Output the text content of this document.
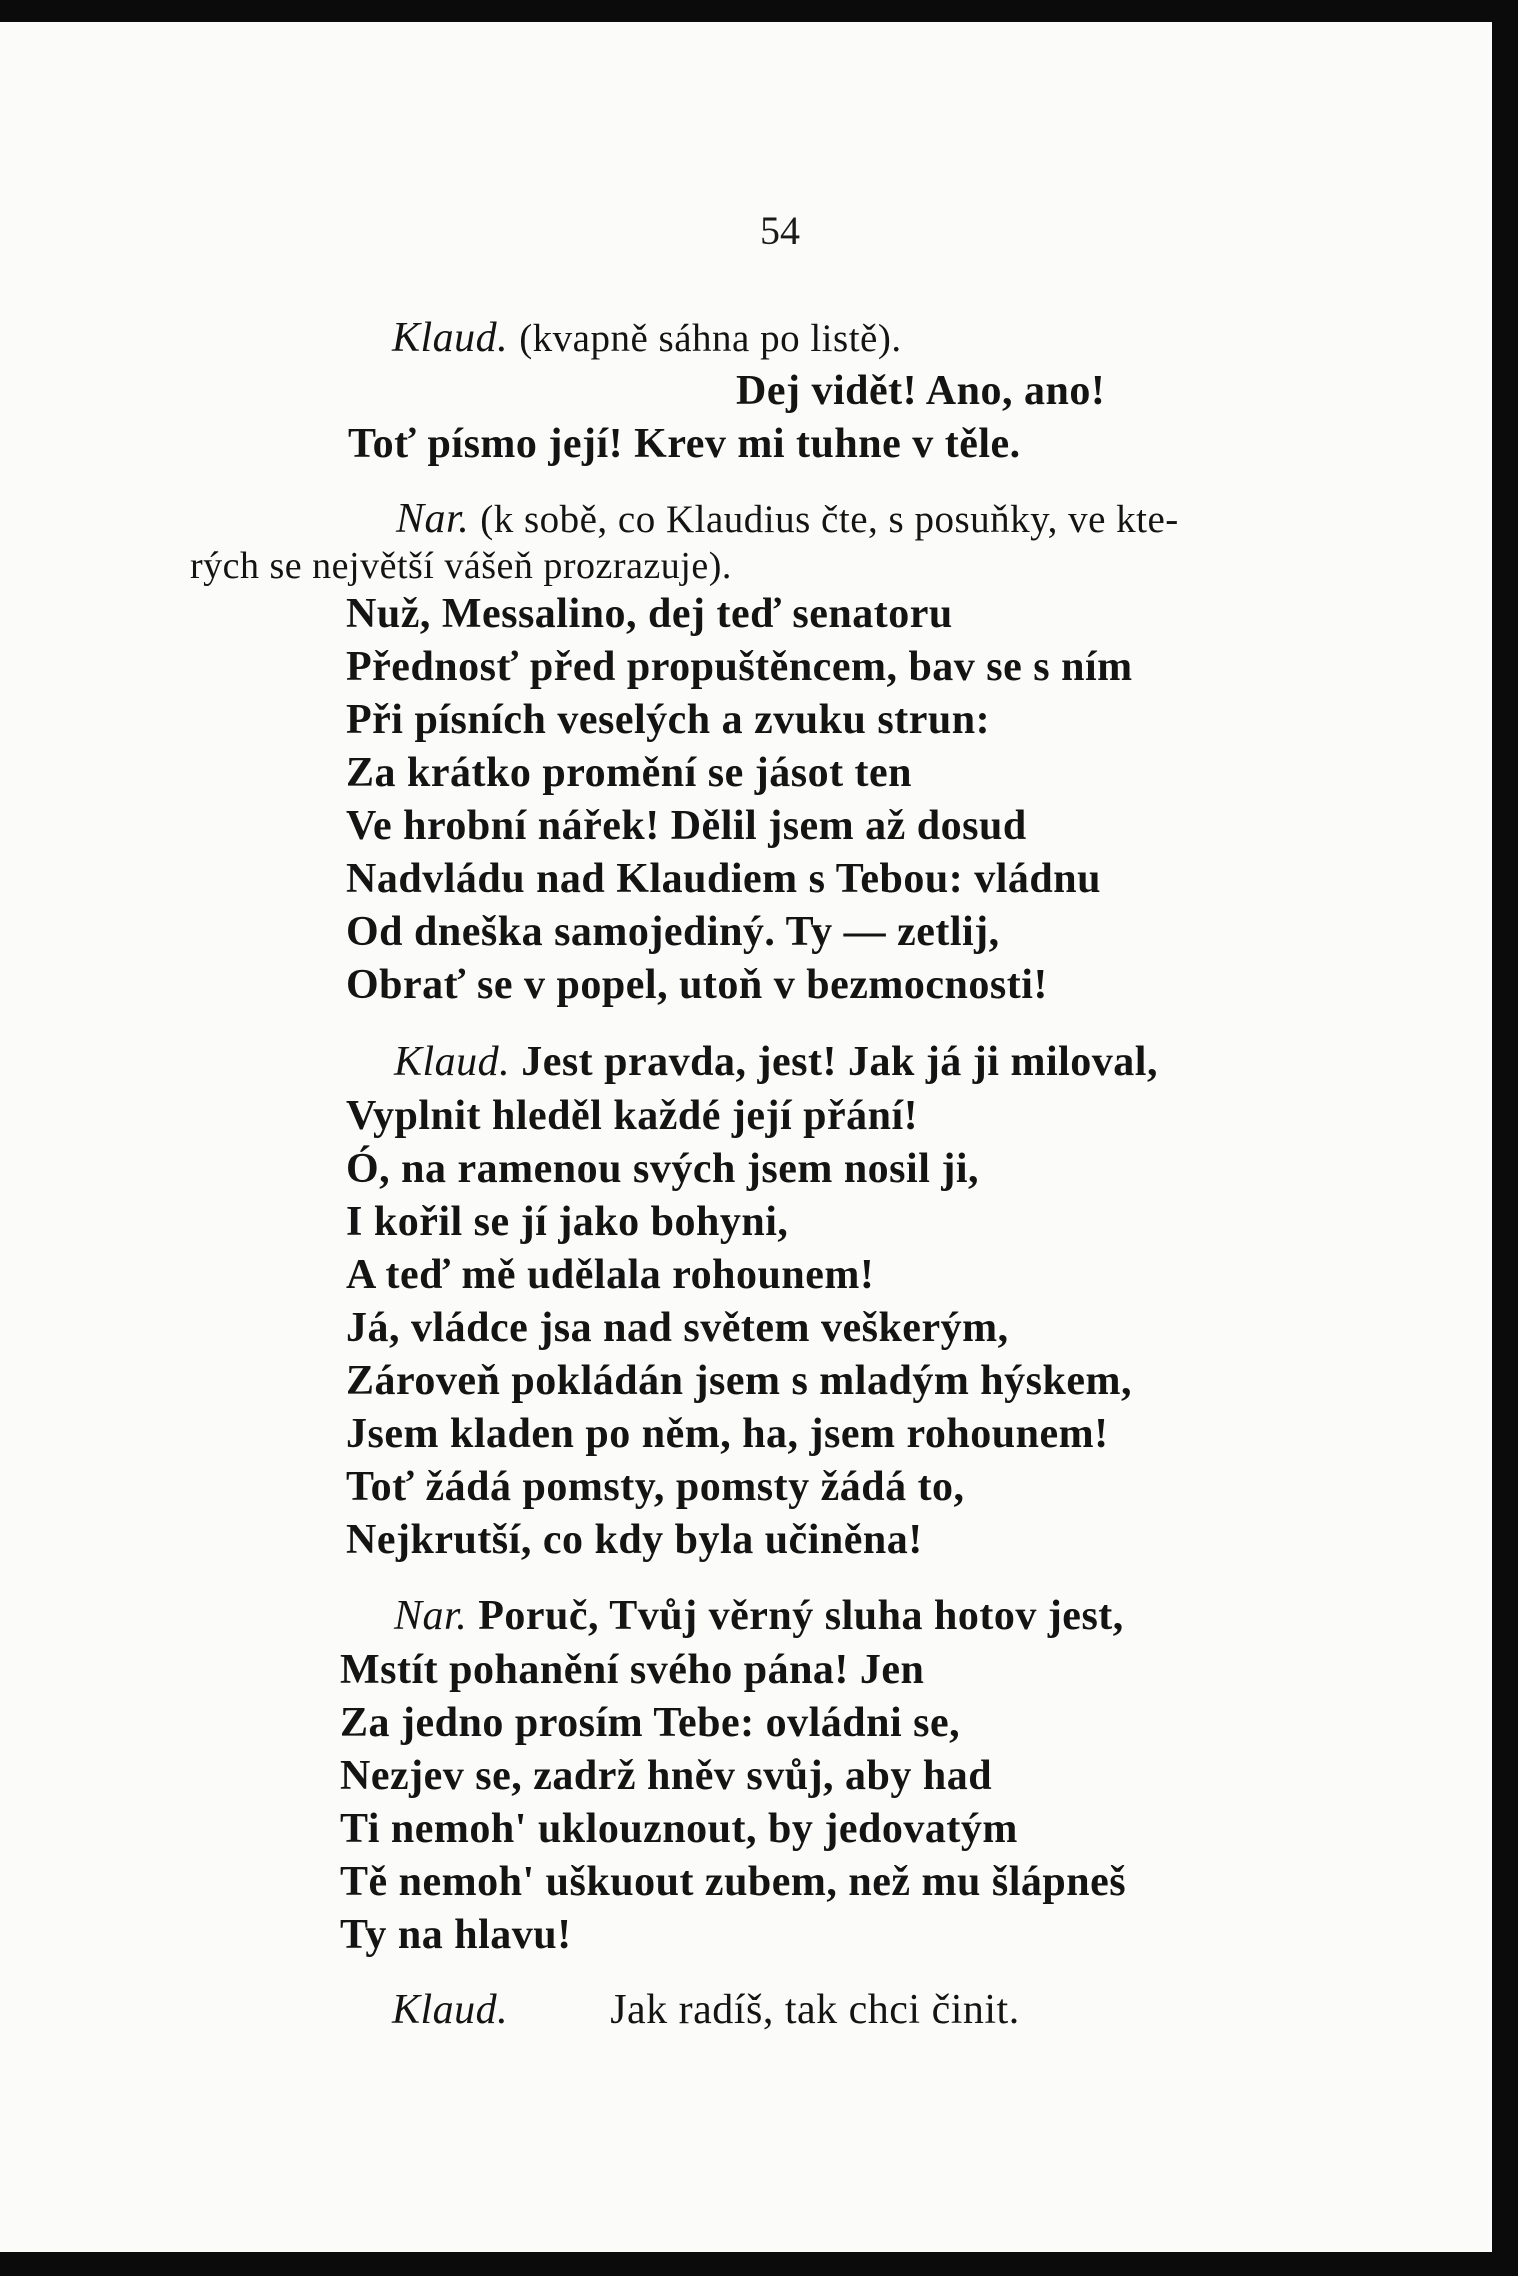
54
Klaud. (kvapně sáhna po listě).
Dej vidět! Ano, ano!
Toť písmo její! Krev mi tuhne v těle.
Nar. (k sobě, co Klaudius čte, s posuňky, ve kte-
rých se největší vášeň prozrazuje).
Nuž, Messalino, dej teď senatoru
Přednosť před propuštěncem, bav se s ním
Při písních veselých a zvuku strun:
Za krátko promění se jásot ten
Ve hrobní nářek! Dělil jsem až dosud
Nadvládu nad Klaudiem s Tebou: vládnu
Od dneška samojediný. Ty — zetlij,
Obrať se v popel, utoň v bezmocnosti!
Klaud. Jest pravda, jest! Jak já ji miloval,
Vyplnit hleděl každé její přání!
Ó, na ramenou svých jsem nosil ji,
I kořil se jí jako bohyni,
A teď mě udělala rohounem!
Já, vládce jsa nad světem veškerým,
Zároveň pokládán jsem s mladým hýskem,
Jsem kladen po něm, ha, jsem rohounem!
Toť žádá pomsty, pomsty žádá to,
Nejkrutší, co kdy byla učiněna!
Nar. Poruč, Tvůj věrný sluha hotov jest,
Mstít pohanění svého pána! Jen
Za jedno prosím Tebe: ovládni se,
Nezjev se, zadrž hněv svůj, aby had
Ti nemoh' uklouznout, by jedovatým
Tě nemoh' uškuout zubem, než mu šlápneš
Ty na hlavu!
Klaud. Jak radíš, tak chci činit.
